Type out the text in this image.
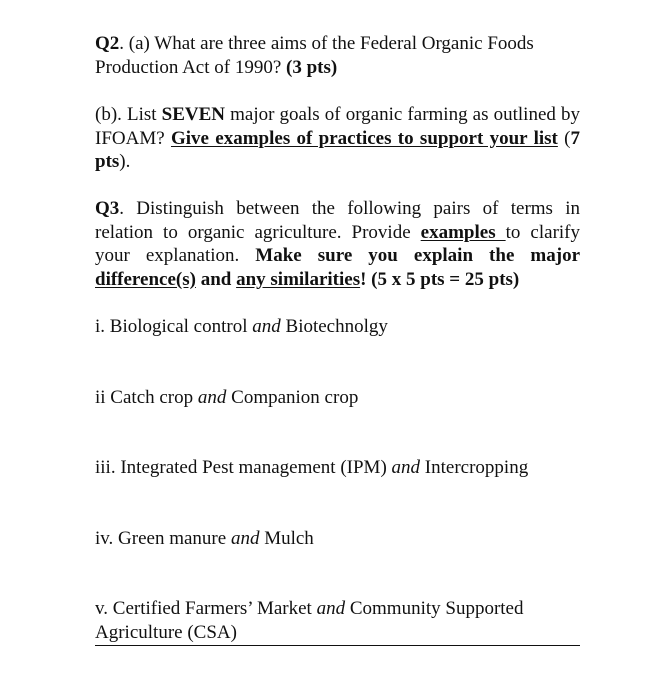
Q2. (a) What are three aims of the Federal Organic Foods Production Act of 1990? (3 pts)

(b). List SEVEN major goals of organic farming as outlined by IFOAM? Give examples of practices to support your list (7 pts).

Q3. Distinguish between the following pairs of terms in relation to organic agriculture. Provide examples to clarify your explanation. Make sure you explain the major difference(s) and any similarities! (5 x 5 pts = 25 pts)

i. Biological control and Biotechnolgy

ii Catch crop and Companion crop

iii. Integrated Pest management (IPM) and Intercropping

iv. Green manure and Mulch

v. Certified Farmers’ Market and Community Supported Agriculture (CSA)
